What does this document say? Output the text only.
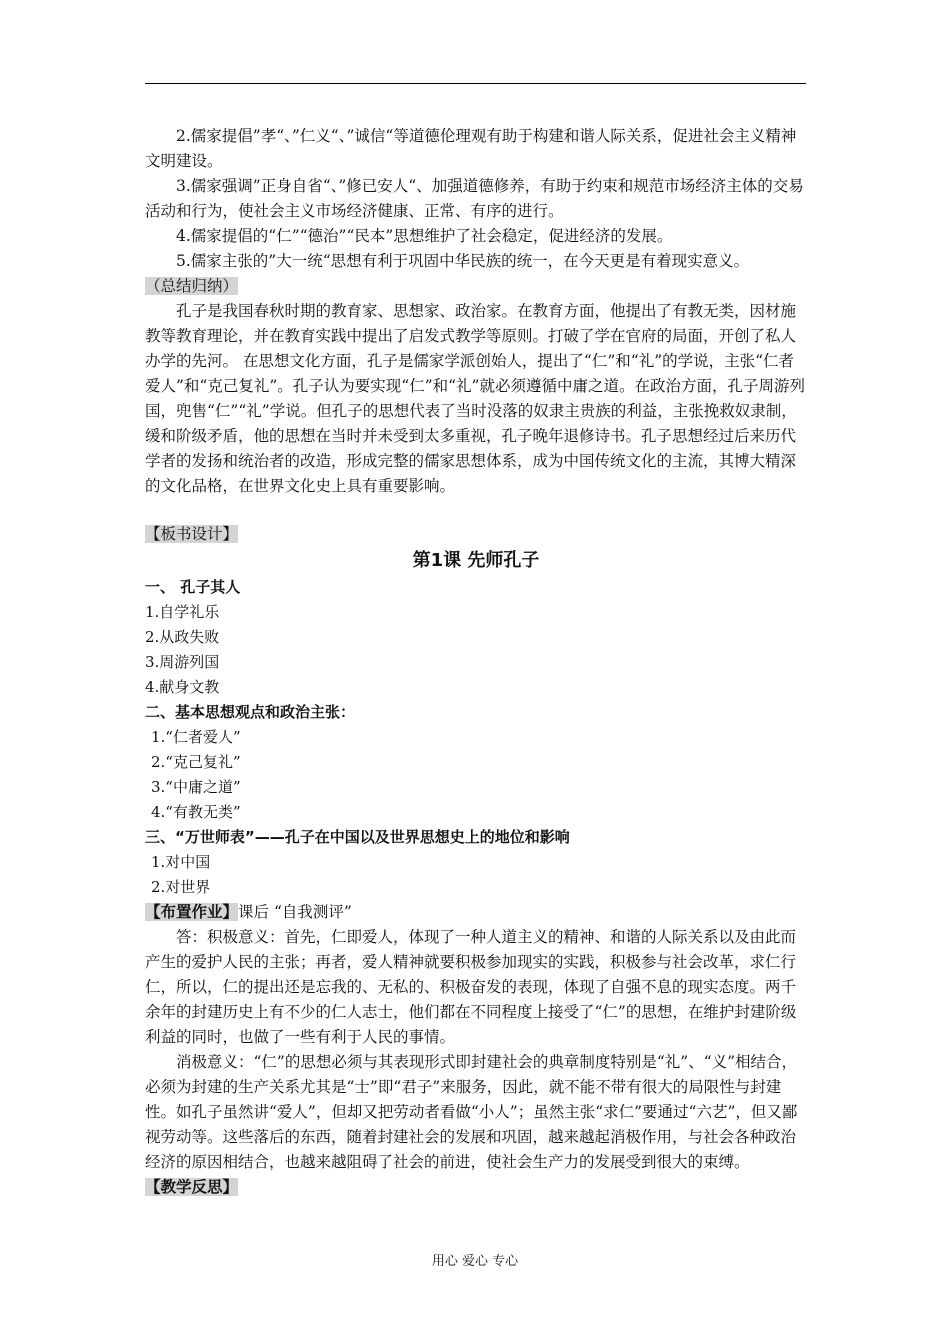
2.儒家提倡”孝“、”仁义“、”诚信“等道德伦理观有助于构建和谐人际关系，促进社会主义精神文明建设。

3.儒家强调”正身自省“、”修已安人“、加强道德修养，有助于约束和规范市场经济主体的交易活动和行为，使社会主义市场经济健康、正常、有序的进行。

4.儒家提倡的“仁”“德治”“民本”思想维护了社会稳定，促进经济的发展。

5.儒家主张的”大一统“思想有利于巩固中华民族的统一，在今天更是有着现实意义。

（总结归纳）

孔子是我国春秋时期的教育家、思想家、政治家。在教育方面，他提出了有教无类，因材施教等教育理论，并在教育实践中提出了启发式教学等原则。打破了学在官府的局面，开创了私人办学的先河。 在思想文化方面，孔子是儒家学派创始人，提出了“仁”和“礼”的学说，主张“仁者爱人”和“克己复礼”。孔子认为要实现“仁”和“礼”就必须遵循中庸之道。在政治方面，孔子周游列国，兜售“仁”“礼”学说。但孔子的思想代表了当时没落的奴隶主贵族的利益，主张挽救奴隶制，缓和阶级矛盾，他的思想在当时并未受到太多重视，孔子晚年退修诗书。孔子思想经过后来历代学者的发扬和统治者的改造，形成完整的儒家思想体系，成为中国传统文化的主流，其博大精深的文化品格，在世界文化史上具有重要影响。

【板书设计】

第1课 先师孔子

一、 孔子其人

1.自学礼乐

2.从政失败

3.周游列国

4.献身文教

二、基本思想观点和政治主张：

1.“仁者爱人”

2.“克己复礼”

3.“中庸之道”

4.“有教无类”

三、“万世师表”——孔子在中国以及世界思想史上的地位和影响

1.对中国

2.对世界

【布置作业】课后 “自我测评”

答：积极意义：首先，仁即爱人，体现了一种人道主义的精神、和谐的人际关系以及由此而产生的爱护人民的主张；再者，爱人精神就要积极参加现实的实践，积极参与社会改革，求仁行仁，所以，仁的提出还是忘我的、无私的、积极奋发的表现，体现了自强不息的现实态度。两千余年的封建历史上有不少的仁人志士，他们都在不同程度上接受了“仁”的思想，在维护封建阶级利益的同时，也做了一些有利于人民的事情。

消极意义：“仁”的思想必须与其表现形式即封建社会的典章制度特别是“礼”、“义”相结合，必须为封建的生产关系尤其是“士”即“君子”来服务，因此，就不能不带有很大的局限性与封建性。如孔子虽然讲“爱人”，但却又把劳动者看做“小人”；虽然主张“求仁”要通过“六艺”，但又鄙视劳动等。这些落后的东西，随着封建社会的发展和巩固，越来越起消极作用，与社会各种政治经济的原因相结合，也越来越阻碍了社会的前进，使社会生产力的发展受到很大的束缚。

【教学反思】

用心 爱心 专心
